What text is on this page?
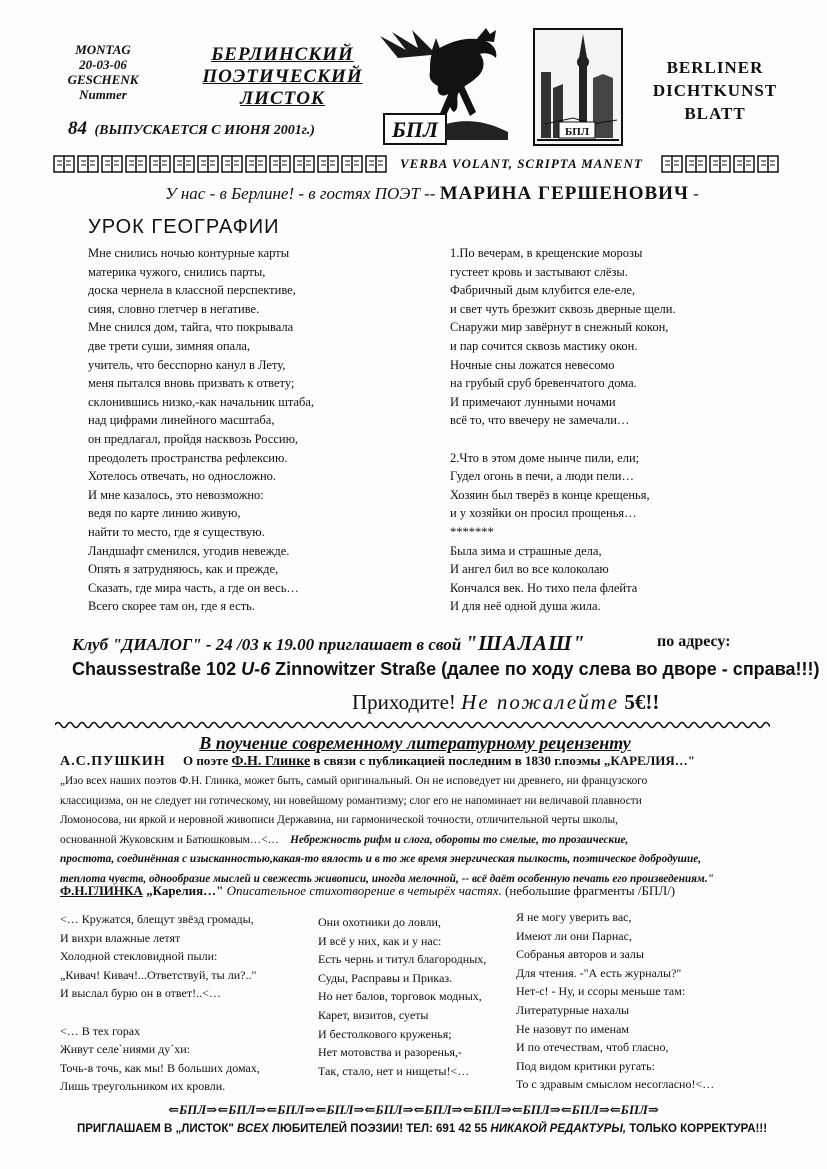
MONTAG
20-03-06
GESCHENK
Nummer
БЕРЛИНСКИЙ
ПОЭТИЧЕСКИЙ
ЛИСТОК
84 (ВЫПУСКАЕТСЯ С ИЮНЯ 2001г.)	БПЛ	БПЛ
BERLINER
DICHTKUNST
BLATT
VERBA VOLANT, SCRIPTA MANENT
У нас - в Берлине! - в гостях ПОЭТ -- МАРИНА ГЕРШЕНОВИЧ -
УРОК ГЕОГРАФИИ
Мне снились ночью контурные карты
материка чужого, снились парты,
доска чернела в классной перспективе,
сияя, словно глетчер в негативе.
Мне снился дом, тайга, что покрывала
две трети суши, зимняя опала,
учитель, что бесспорно канул в Лету,
меня пытался вновь призвать к ответу;
склонившись низко,-как начальник штаба,
над цифрами линейного масштаба,
он предлагал, пройдя насквозь Россию,
преодолеть пространства рефлексию.
Хотелось отвечать, но односложно.
И мне казалось, это невозможно:
ведя по карте линию живую,
найти то место, где я существую.
Ландшафт сменился, угодив невежде.
Опять я затрудняюсь, как и прежде,
Сказать, где мира часть, а где он весь…
Всего скорее там он, где я есть.
1.По вечерам, в крещенские морозы
густеет кровь и застывают слёзы.
Фабричный дым клубится еле-еле,
и свет чуть брезжит сквозь дверные щели.
Снаружи мир завёрнут в снежный кокон,
и пар сочится сквозь мастику окон.
Ночные сны ложатся невесомо
на грубый сруб бревенчатого дома.
И примечают лунными ночами
всё то, что ввечеру не замечали…

2.Что в этом доме нынче пили, ели;
Гудел огонь в печи, а люди пели…
Хозяин был тверёз в конце крещенья,
и у хозяйки он просил прощенья…
*******
Была зима и страшные дела,
И ангел бил во все колоколаю
Кончался век. Но тихо пела флейта
И для неё одной душа жила.
Клуб "ДИАЛОГ" - 24 /03 к 19.00 приглашает в свой "ШАЛАШ"	по адресу:
Chaussestraße 102 U-6 Zinnowitzer Straße (далее по ходу слева во дворе - справа!!!)
Приходите! Не пожалейте 5€!!
В поучение современному литературному рецензенту
А.С.ПУШКИН О поэте Ф.Н. Глинке в связи с публикацией последним в 1830 г.поэмы „КАРЕЛИЯ…"
„Изо всех наших поэтов Ф.Н. Глинка, может быть, самый оригинальный. Он не исповедует ни древнего, ни французского
классицизма, он не следует ни готическому, ни новейшому романтизму; слог его не напоминает ни величавой плавности
Ломоносова, ни яркой и неровной живописи Державина, ни гармонической точности, отличительной черты школы,
основанной Жуковским и Батюшковым…<… Небрежность рифм и слога, обороты то смелые, то прозаические,
простота, соединённая с изысканностью,какая-то вялость и в то же время энергическая пылкость, поэтическое добродушие,
теплота чувств, однообразие мыслей и свежесть живописи, иногда мелочной, -- всё даёт особенную печать его произведениям."
Ф.Н.ГЛИНКА „Карелия…" Описательное стихотворение в четырёх частях. (небольшие фрагменты /БПЛ/)
<… Кружатся, блещут звёзд громады,
И вихри влажные летят
Холодной стекловидной пыли:
„Кивач! Кивач!...Ответствуй, ты ли?.."
И выслал бурю он в ответ!..<…

<… В тех горах
Живут селе`ниями ду`хи:
Точь-в точь, как мы! В больших домах,
Лишь треугольником их кровли.
Они охотники до ловли,
И всё у них, как и у нас:
Есть чернь и титул благородных,
Суды, Расправы и Приказ.
Но нет балов, торговок модных,
Карет, визитов, суеты
И бестолкового круженья;
Нет мотовства и разоренья,-
Так, стало, нет и нищеты!<…
Я не могу уверить вас,
Имеют ли они Парнас,
Собранья авторов и залы
Для чтения. -"А есть журналы?"
Нет-с! - Ну, и ссоры меньше там:
Литературные нахалы
Не назовут по именам
И по отечествам, чтоб гласно,
Под видом критики ругать:
То с здравым смыслом несогласно!<…
⇐БПЛ⇒⇐БПЛ⇒⇐БПЛ⇒⇐БПЛ⇒⇐БПЛ⇒⇐БПЛ⇒⇐БПЛ⇒⇐БПЛ⇒⇐БПЛ⇒⇐БПЛ⇒
ПРИГЛАШАЕМ В „ЛИСТОК" ВСЕХ ЛЮБИТЕЛЕЙ ПОЭЗИИ! ТЕЛ: 691 42 55 НИКАКОЙ РЕДАКТУРЫ, ТОЛЬКО КОРРЕКТУРА!!!
